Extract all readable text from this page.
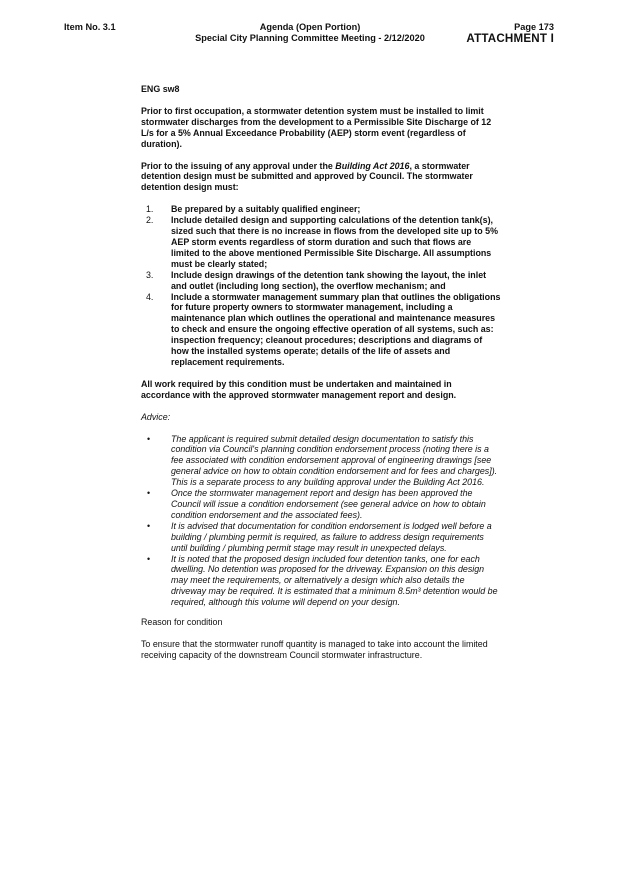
Item No. 3.1	Agenda (Open Portion)
Special City Planning Committee Meeting - 2/12/2020
Page 173
ATTACHMENT I

ENG sw8

Prior to first occupation, a stormwater detention system must be installed to limit stormwater discharges from the development to a Permissible Site Discharge of 12 L/s for a 5% Annual Exceedance Probability (AEP) storm event (regardless of duration).

Prior to the issuing of any approval under the Building Act 2016, a stormwater detention design must be submitted and approved by Council. The stormwater detention design must:

1. Be prepared by a suitably qualified engineer;
2. Include detailed design and supporting calculations of the detention tank(s), sized such that there is no increase in flows from the developed site up to 5% AEP storm events regardless of storm duration and such that flows are limited to the above mentioned Permissible Site Discharge. All assumptions must be clearly stated;
3. Include design drawings of the detention tank showing the layout, the inlet and outlet (including long section), the overflow mechanism; and
4. Include a stormwater management summary plan that outlines the obligations for future property owners to stormwater management, including a maintenance plan which outlines the operational and maintenance measures to check and ensure the ongoing effective operation of all systems, such as: inspection frequency; cleanout procedures; descriptions and diagrams of how the installed systems operate; details of the life of assets and replacement requirements.

All work required by this condition must be undertaken and maintained in accordance with the approved stormwater management report and design.

Advice:

• The applicant is required submit detailed design documentation to satisfy this condition via Council's planning condition endorsement process (noting there is a fee associated with condition endorsement approval of engineering drawings [see general advice on how to obtain condition endorsement and for fees and charges]). This is a separate process to any building approval under the Building Act 2016.
• Once the stormwater management report and design has been approved the Council will issue a condition endorsement (see general advice on how to obtain condition endorsement and the associated fees).
• It is advised that documentation for condition endorsement is lodged well before a building / plumbing permit is required, as failure to address design requirements until building / plumbing permit stage may result in unexpected delays.
• It is noted that the proposed design included four detention tanks, one for each dwelling. No detention was proposed for the driveway. Expansion on this design may meet the requirements, or alternatively a design which also details the driveway may be required. It is estimated that a minimum 8.5m³ detention would be required, although this volume will depend on your design.

Reason for condition

To ensure that the stormwater runoff quantity is managed to take into account the limited receiving capacity of the downstream Council stormwater infrastructure.
